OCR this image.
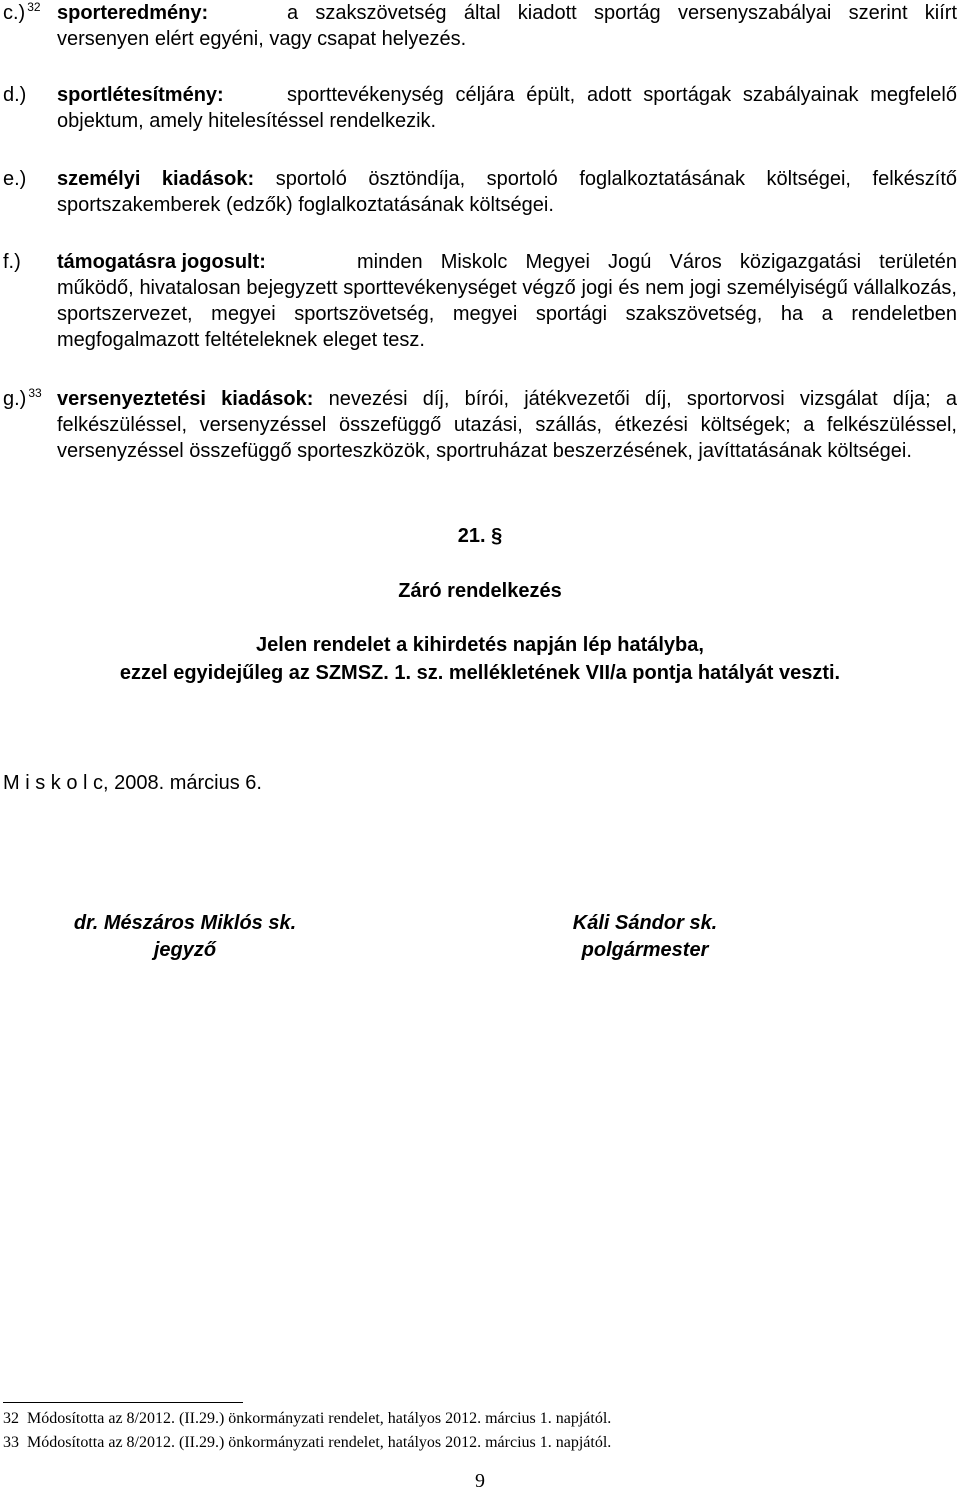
c.) $^{32}$ sporteredmény:	a szakszövetség által kiadott sportág versenyszabályai szerint kiírt versenyen elért egyéni, vagy csapat helyezés.
d.) sportlétesítmény:	sporttevékenység céljára épült, adott sportágak szabályainak megfelelő objektum, amely hitelesítéssel rendelkezik.
e.) személyi kiadások: sportoló ösztöndíja, sportoló foglalkoztatásának költségei, felkészítő sportszakemberek (edzők) foglalkoztatásának költségei.
f.) támogatásra jogosult:	minden Miskolc Megyei Jogú Város közigazgatási területén működő, hivatalosan bejegyzett sporttevékenységet végző jogi és nem jogi személyiségű vállalkozás, sportszervezet, megyei sportszövetség, megyei sportági szakszövetség, ha a rendeletben megfogalmazott feltételeknek eleget tesz.
g.) $^{33}$ versenyeztetési kiadások: nevezési díj, bírói, játékvezetői díj, sportorvosi vizsgálat díja; a felkészüléssel, versenyzéssel összefüggő utazási, szállás, étkezési költségek; a felkészüléssel, versenyzéssel összefüggő sporteszközök, sportruházat beszerzésének, javíttatásának költségei.
21. §
Záró rendelkezés
Jelen rendelet a kihirdetés napján lép hatályba,
ezzel egyidejűleg az SZMSZ. 1. sz. mellékletének VII/a pontja hatályát veszti.
M i s k o l c, 2008. március 6.
dr. Mészáros Miklós sk.
jegyző
Káli Sándor sk.
polgármester
32 Módosította az 8/2012. (II.29.) önkormányzati rendelet, hatályos 2012. március 1. napjától.
33 Módosította az 8/2012. (II.29.) önkormányzati rendelet, hatályos 2012. március 1. napjától.
9
